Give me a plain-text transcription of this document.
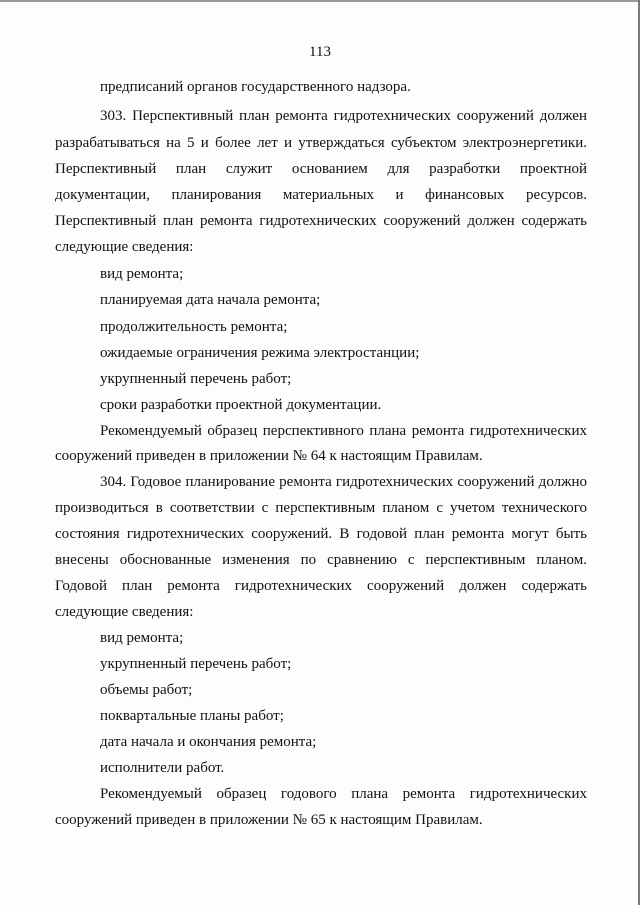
113
предписаний органов государственного надзора.
303. Перспективный план ремонта гидротехнических сооружений должен
разрабатываться на 5 и более лет и утверждаться субъектом электроэнергетики.
Перспективный план служит основанием для разработки проектной
документации, планирования материальных и финансовых ресурсов.
Перспективный план ремонта гидротехнических сооружений должен содержать
следующие сведения:
вид ремонта;
планируемая дата начала ремонта;
продолжительность ремонта;
ожидаемые ограничения режима электростанции;
укрупненный перечень работ;
сроки разработки проектной документации.
Рекомендуемый образец перспективного плана ремонта гидротехнических
сооружений приведен в приложении № 64 к настоящим Правилам.
304. Годовое планирование ремонта гидротехнических сооружений должно
производиться в соответствии с перспективным планом с учетом технического
состояния гидротехнических сооружений. В годовой план ремонта могут быть
внесены обоснованные изменения по сравнению с перспективным планом.
Годовой план ремонта гидротехнических сооружений должен содержать
следующие сведения:
вид ремонта;
укрупненный перечень работ;
объемы работ;
поквартальные планы работ;
дата начала и окончания ремонта;
исполнители работ.
Рекомендуемый образец годового плана ремонта гидротехнических
сооружений приведен в приложении № 65 к настоящим Правилам.
